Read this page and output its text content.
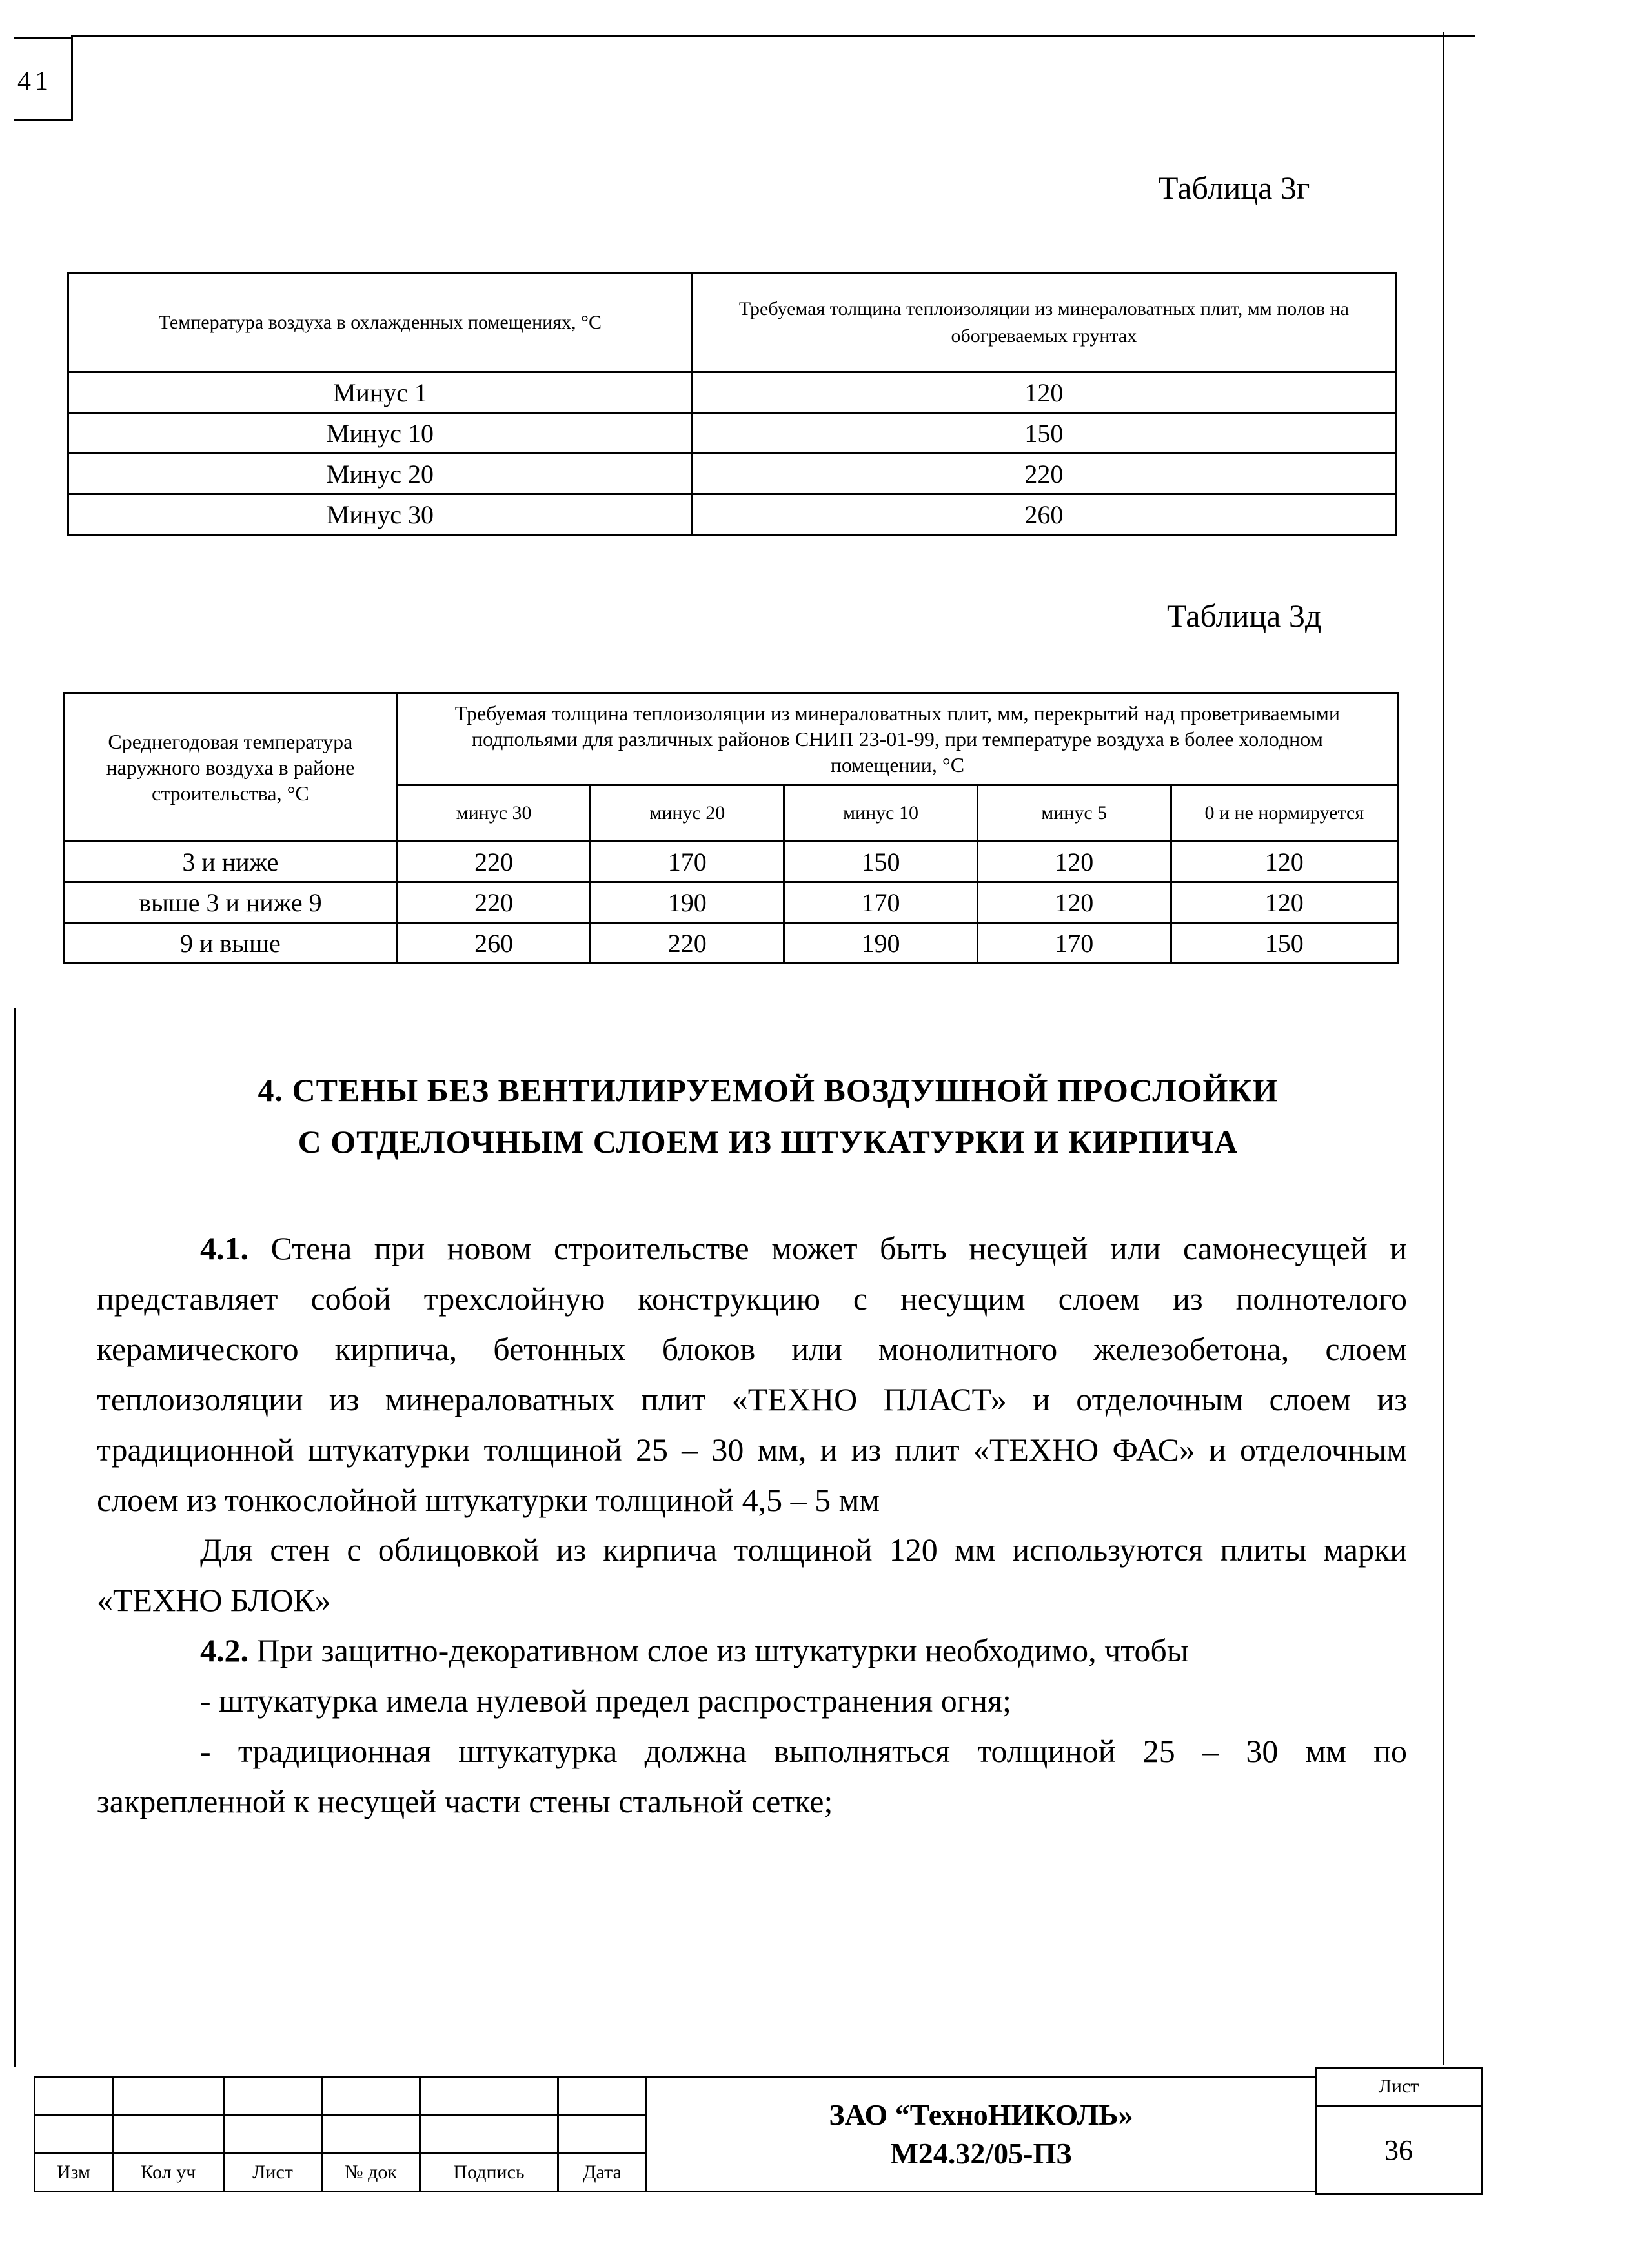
41
Таблица 3г
Температура воздуха в охлажденных помещениях, °С	Требуемая толщина теплоизоляции из минераловатных плит, мм полов на обогреваемых грунтах
Минус 1	120
Минус 10	150
Минус 20	220
Минус 30	260
Таблица 3д
Среднегодовая температура наружного воздуха в районе строительства, °С	Требуемая толщина теплоизоляции из минераловатных плит, мм, перекрытий над проветриваемыми подпольями для различных районов СНИП 23-01-99, при температуре воздуха в более холодном помещении, °С				
	минус 30	минус 20	минус 10	минус 5	0 и не нормируется
3 и ниже	220	170	150	120	120
выше 3 и ниже 9	220	190	170	120	120
9 и выше	260	220	190	170	150
4. СТЕНЫ БЕЗ ВЕНТИЛИРУЕМОЙ ВОЗДУШНОЙ ПРОСЛОЙКИ
С ОТДЕЛОЧНЫМ СЛОЕМ ИЗ ШТУКАТУРКИ И КИРПИЧА
4.1. Стена при новом строительстве может быть несущей или самонесущей и представляет собой трехслойную конструкцию с несущим слоем из полнотелого керамического кирпича, бетонных блоков или монолитного железобетона, слоем теплоизоляции из минераловатных плит «ТЕХНО ПЛАСТ» и отделочным слоем из традиционной штукатурки толщиной 25 – 30 мм, и из плит «ТЕХНО ФАС» и отделочным слоем из тонкослойной штукатурки толщиной 4,5 – 5 мм
Для стен с облицовкой из кирпича толщиной 120 мм используются плиты марки «ТЕХНО БЛОК»
4.2. При защитно-декоративном слое из штукатурки необходимо, чтобы
- штукатурка имела нулевой предел распространения огня;
- традиционная штукатурка должна выполняться толщиной 25 – 30 мм по закрепленной к несущей части стены стальной сетке;
Изм	Кол уч	Лист	№ док	Подпись	Дата
ЗАО “ТехноНИКОЛЬ»
М24.32/05-ПЗ
Лист
36
